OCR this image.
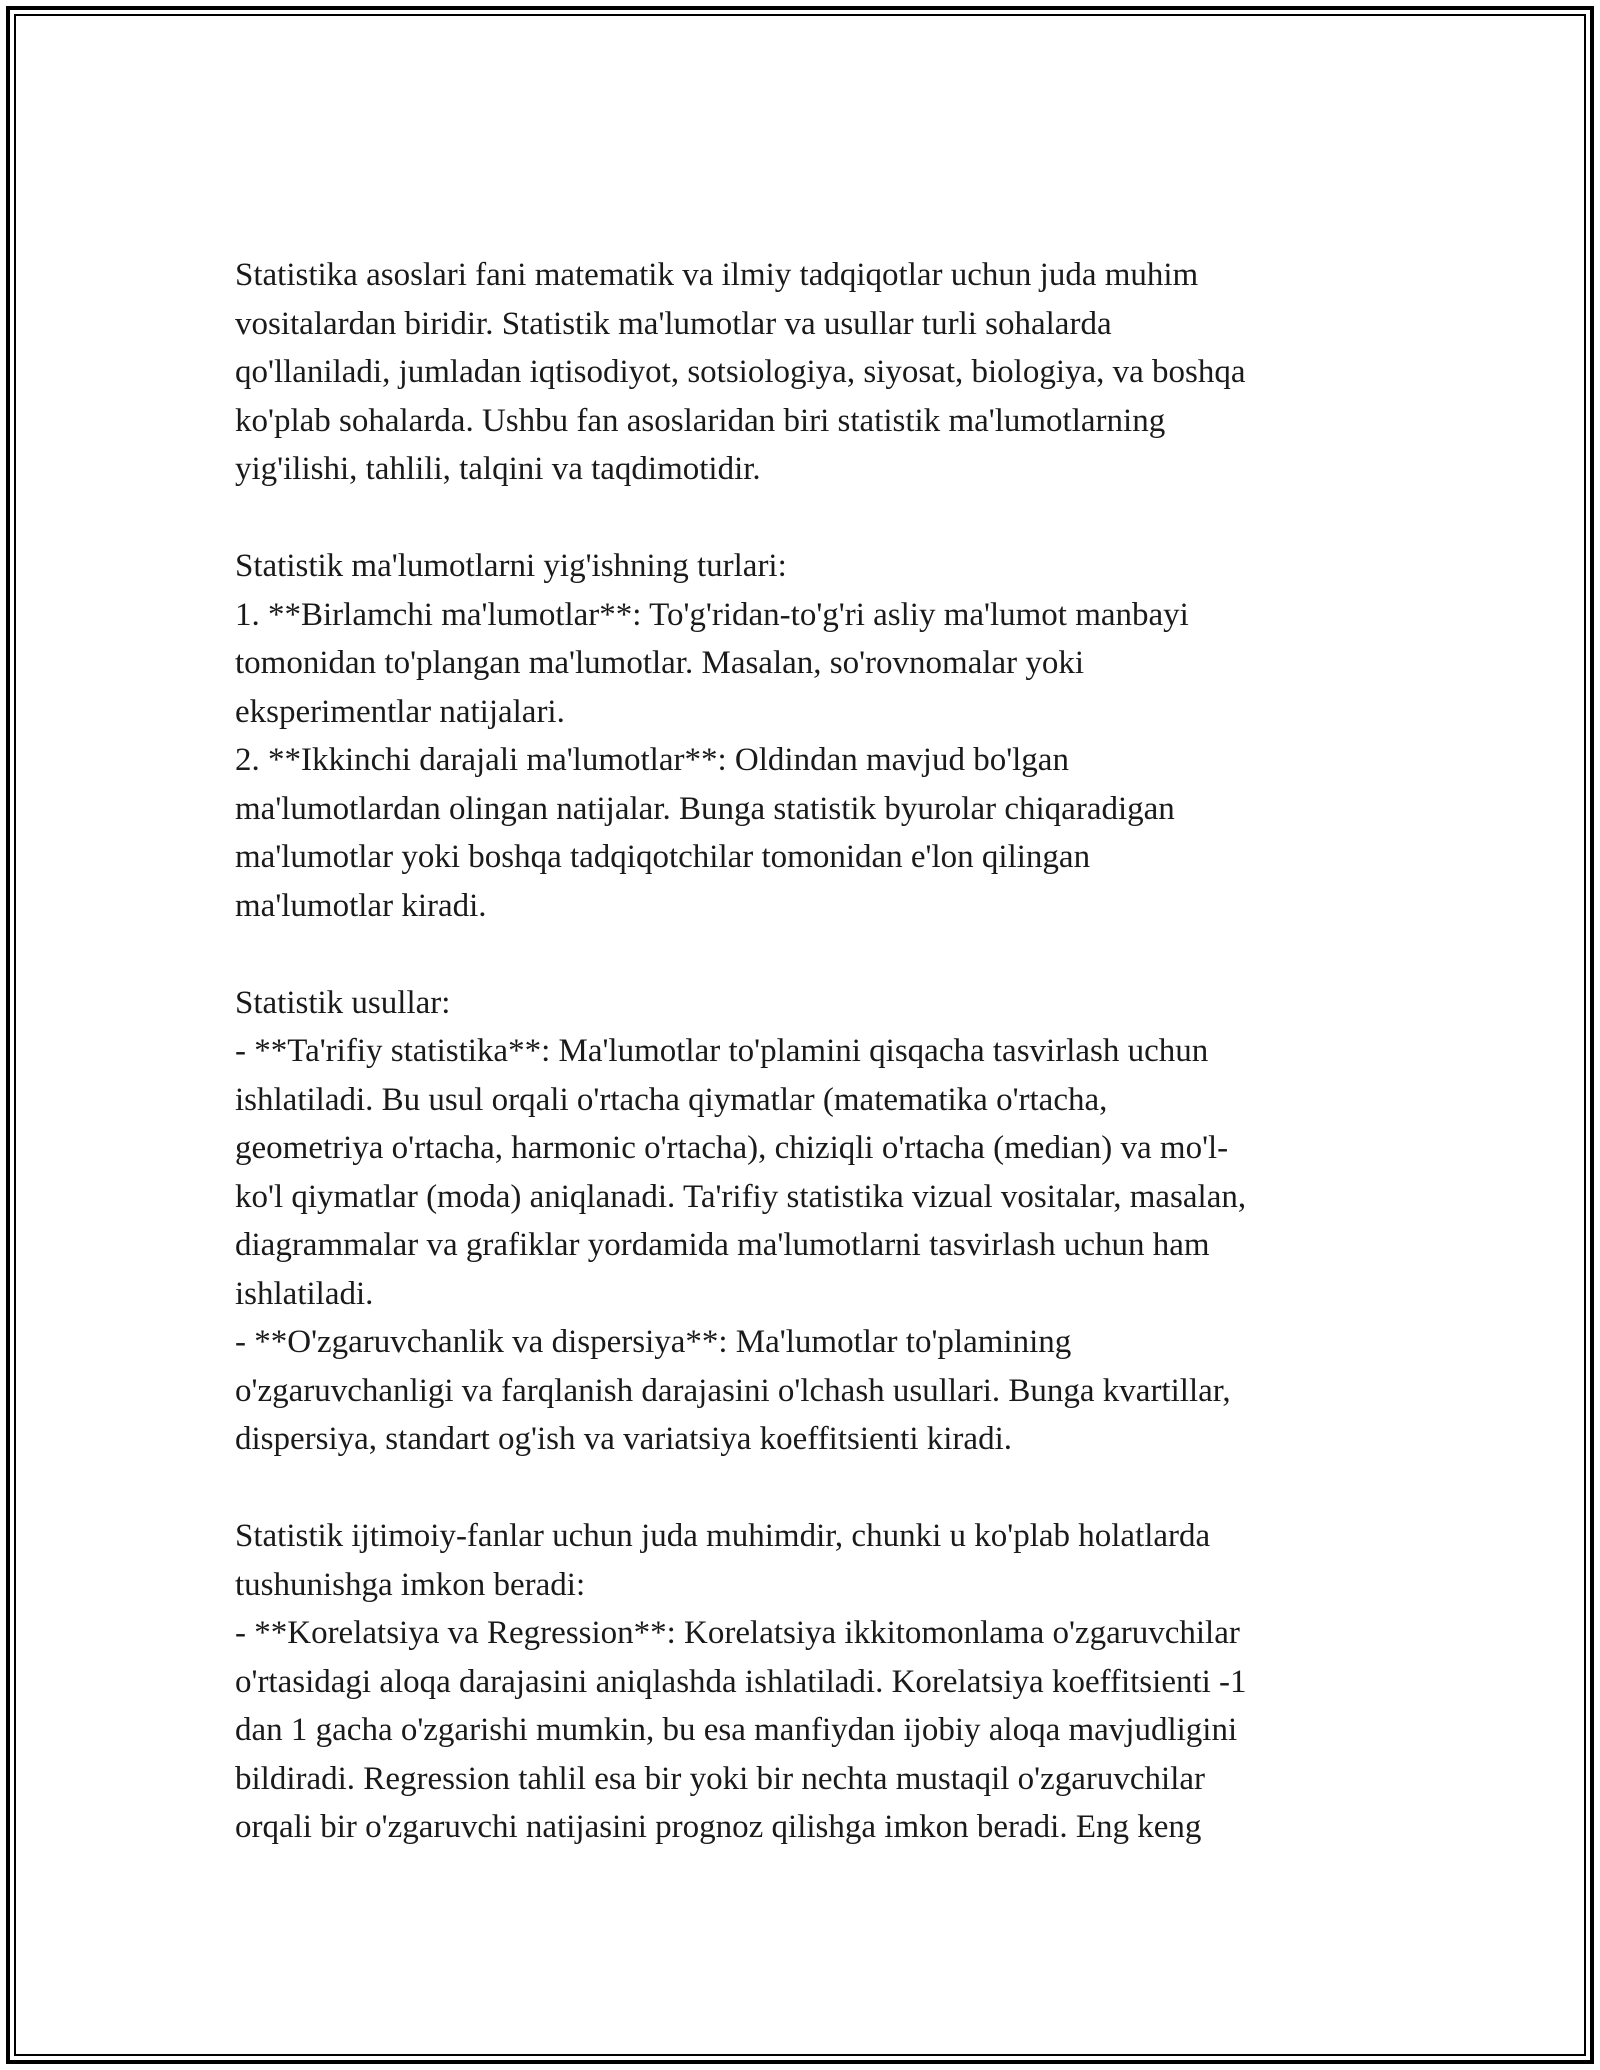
Statistika asoslari fani matematik va ilmiy tadqiqotlar uchun juda muhim
vositalardan biridir. Statistik ma'lumotlar va usullar turli sohalarda
qo'llaniladi, jumladan iqtisodiyot, sotsiologiya, siyosat, biologiya, va boshqa
ko'plab sohalarda. Ushbu fan asoslaridan biri statistik ma'lumotlarning
yig'ilishi, tahlili, talqini va taqdimotidir.
Statistik ma'lumotlarni yig'ishning turlari:
1. **Birlamchi ma'lumotlar**: To'g'ridan-to'g'ri asliy ma'lumot manbayi
tomonidan to'plangan ma'lumotlar. Masalan, so'rovnomalar yoki
eksperimentlar natijalari.
2. **Ikkinchi darajali ma'lumotlar**: Oldindan mavjud bo'lgan
ma'lumotlardan olingan natijalar. Bunga statistik byurolar chiqaradigan
ma'lumotlar yoki boshqa tadqiqotchilar tomonidan e'lon qilingan
ma'lumotlar kiradi.
Statistik usullar:
- **Ta'rifiy statistika**: Ma'lumotlar to'plamini qisqacha tasvirlash uchun
ishlatiladi. Bu usul orqali o'rtacha qiymatlar (matematika o'rtacha,
geometriya o'rtacha, harmonic o'rtacha), chiziqli o'rtacha (median) va mo'l-
ko'l qiymatlar (moda) aniqlanadi. Ta'rifiy statistika vizual vositalar, masalan,
diagrammalar va grafiklar yordamida ma'lumotlarni tasvirlash uchun ham
ishlatiladi.
- **O'zgaruvchanlik va dispersiya**: Ma'lumotlar to'plamining
o'zgaruvchanligi va farqlanish darajasini o'lchash usullari. Bunga kvartillar,
dispersiya, standart og'ish va variatsiya koeffitsienti kiradi.
Statistik ijtimoiy-fanlar uchun juda muhimdir, chunki u ko'plab holatlarda
tushunishga imkon beradi:
- **Korelatsiya va Regression**: Korelatsiya ikkitomonlama o'zgaruvchilar
o'rtasidagi aloqa darajasini aniqlashda ishlatiladi. Korelatsiya koeffitsienti -1
dan 1 gacha o'zgarishi mumkin, bu esa manfiydan ijobiy aloqa mavjudligini
bildiradi. Regression tahlil esa bir yoki bir nechta mustaqil o'zgaruvchilar
orqali bir o'zgaruvchi natijasini prognoz qilishga imkon beradi. Eng keng
